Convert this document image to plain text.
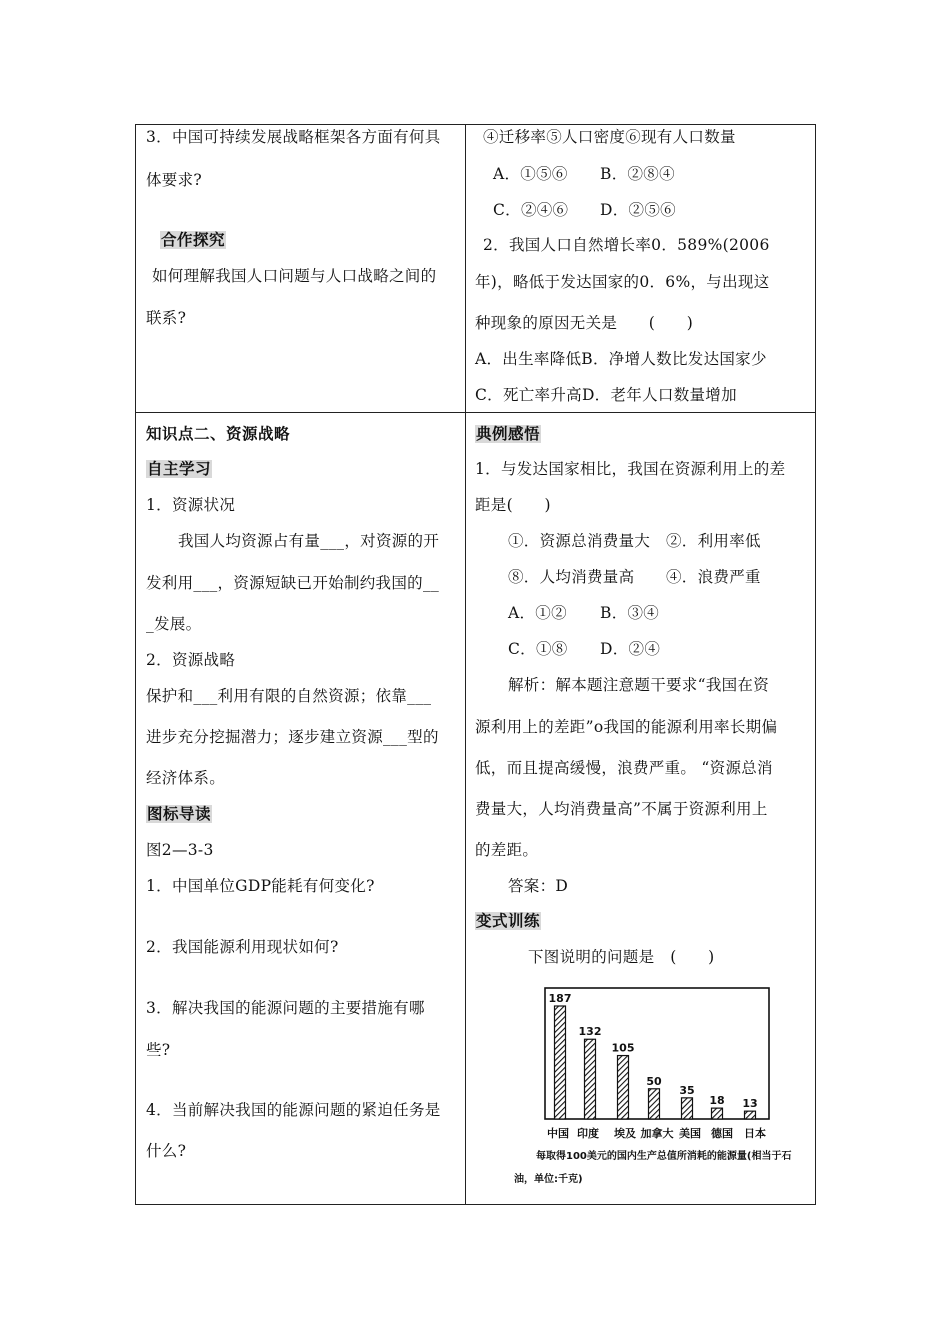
3．中国可持续发展战略框架各方面有何具
体要求?
合作探究
如何理解我国人口问题与人口战略之间的
联系?
④迁移率⑤人口密度⑥现有人口数量
A．①⑤⑥ B．②⑧④
C．②④⑥ D．②⑤⑥
2．我国人口自然增长率0．589%(2006
年)，略低于发达国家的0．6%，与出现这
种现象的原因无关是　　(　　)
A．出生率降低B．净增人数比发达国家少
C．死亡率升高D．老年人口数量增加
知识点二、资源战略
自主学习
1．资源状况
我国人均资源占有量___，对资源的开
发利用___，资源短缺已开始制约我国的__
_发展。
2．资源战略
保护和___利用有限的自然资源；依靠___
进步充分挖掘潜力；逐步建立资源___型的
经济体系。
图标导读
图2—3-3
1．中国单位GDP能耗有何变化?
2．我国能源利用现状如何?
3．解决我国的能源问题的主要措施有哪
些?
4．当前解决我国的能源问题的紧迫任务是
什么?
典例感悟
1．与发达国家相比，我国在资源利用上的差
距是(　　)
①．资源总消费量大　②．利用率低
⑧．人均消费量高　　④．浪费严重
A．①② B．③④
C．①⑧ D．②④
解析：解本题注意题干要求“我国在资
源利用上的差距”o我国的能源利用率长期偏
低，而且提高缓慢，浪费严重。 “资源总消
费量大，人均消费量高”不属于资源利用上
的差距。
答案：D
变式训练
下图说明的问题是　(　　)
187
132
105
50
35
18 13
中国 印度 埃及 加拿大 美国 德国 日本
每取得100美元的国内生产总值所消耗的能源量(相当于石
油，单位:千克)
